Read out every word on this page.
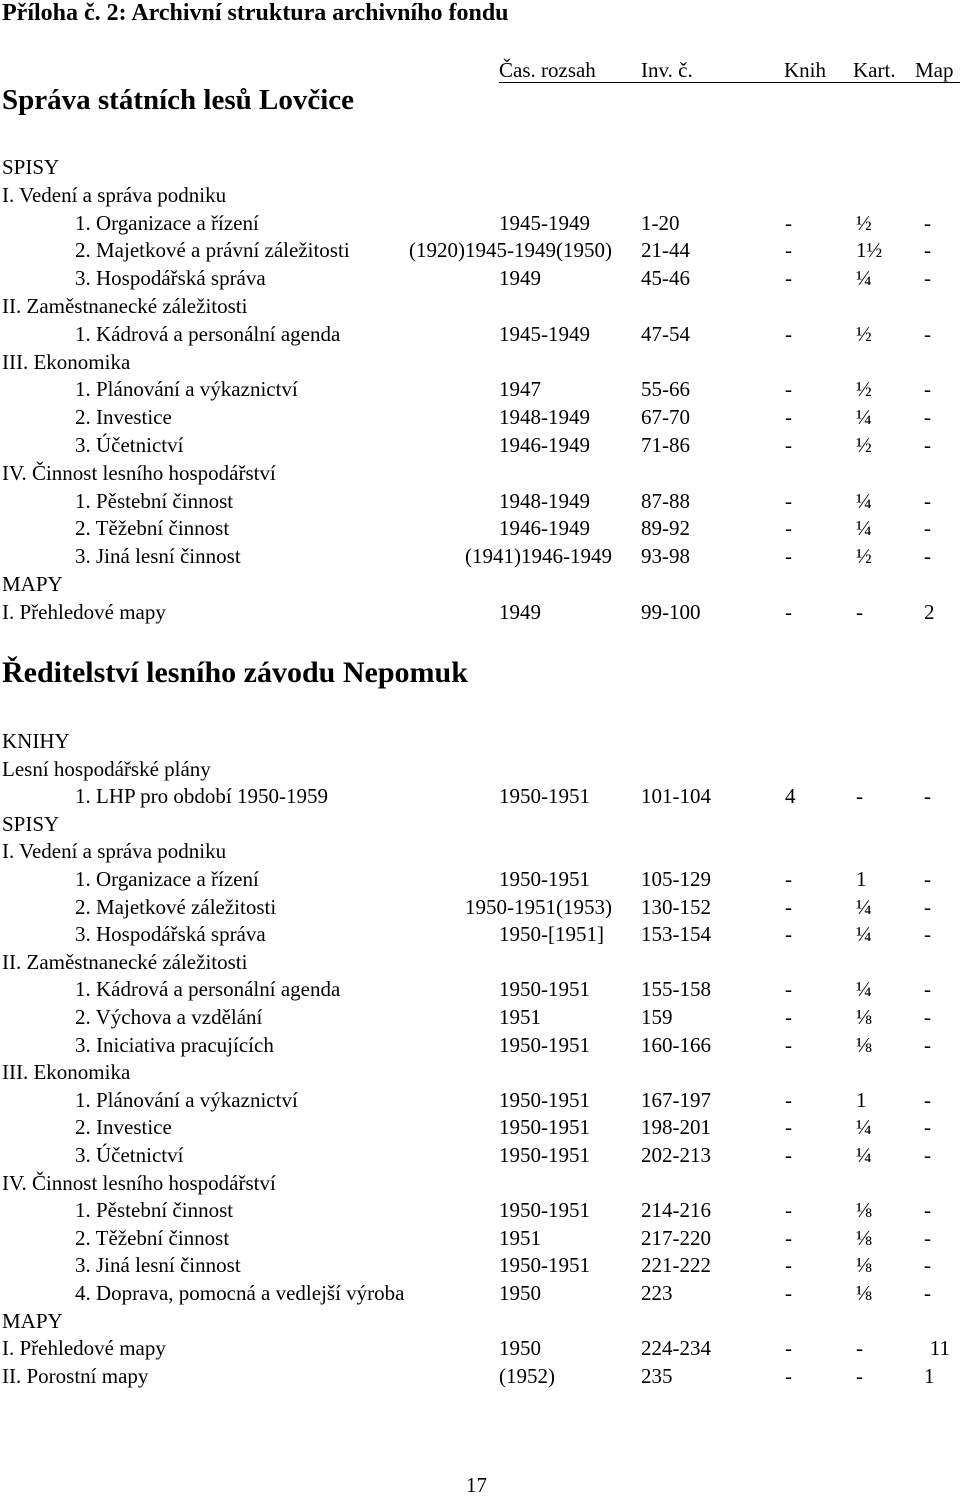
Příloha č. 2: Archivní struktura archivního fondu
Čas. rozsah Inv. č.	Knih Kart. Map
Správa státních lesů Lovčice
SPISY
I. Vedení a správa podniku
1. Organizace a řízení	1945-1949 1-20	-	½ -
2. Majetkové a právní záležitosti	(1920)1945-1949(1950) 21-44	-	1½ -
3. Hospodářská správa	1949	45-46	-	¼ -
II. Zaměstnanecké záležitosti
1. Kádrová a personální agenda	1945-1949 47-54	-	½ -
III. Ekonomika
1. Plánování a výkaznictví	1947	55-66	-	½ -
2. Investice	1948-1949 67-70	-	¼ -
3. Účetnictví	1946-1949 71-86	-	½ -
IV. Činnost lesního hospodářství
1. Pěstební činnost	1948-1949 87-88	-	¼ -
2. Těžební činnost	1946-1949 89-92	-	¼ -
3. Jiná lesní činnost	(1941)1946-1949 93-98	-	½ -
MAPY
I. Přehledové mapy	1949	99-100	-	-	2
Ředitelství lesního závodu Nepomuk
KNIHY
Lesní hospodářské plány
1. LHP pro období 1950-1959	1950-1951 101-104	4	-	-
SPISY
I. Vedení a správa podniku
1. Organizace a řízení	1950-1951 105-129	-	1	-
2. Majetkové záležitosti	1950-1951(1953) 130-152	-	¼ -
3. Hospodářská správa	1950-[1951] 153-154	-	¼ -
II. Zaměstnanecké záležitosti
1. Kádrová a personální agenda	1950-1951 155-158	-	¼ -
2. Výchova a vzdělání	1951	159	-	⅛ -
3. Iniciativa pracujících	1950-1951 160-166	-	⅛ -
III. Ekonomika
1. Plánování a výkaznictví	1950-1951 167-197	-	1	-
2. Investice	1950-1951 198-201	-	¼ -
3. Účetnictví	1950-1951 202-213	-	¼ -
IV. Činnost lesního hospodářství
1. Pěstební činnost	1950-1951 214-216	-	⅛ -
2. Těžební činnost	1951	217-220	-	⅛ -
3. Jiná lesní činnost	1950-1951 221-222	-	⅛ -
4. Doprava, pomocná a vedlejší výroba	1950	223	-	⅛ -
MAPY
I. Přehledové mapy	1950	224-234	-	-	11
II. Porostní mapy	(1952)	235	-	-	1
17
